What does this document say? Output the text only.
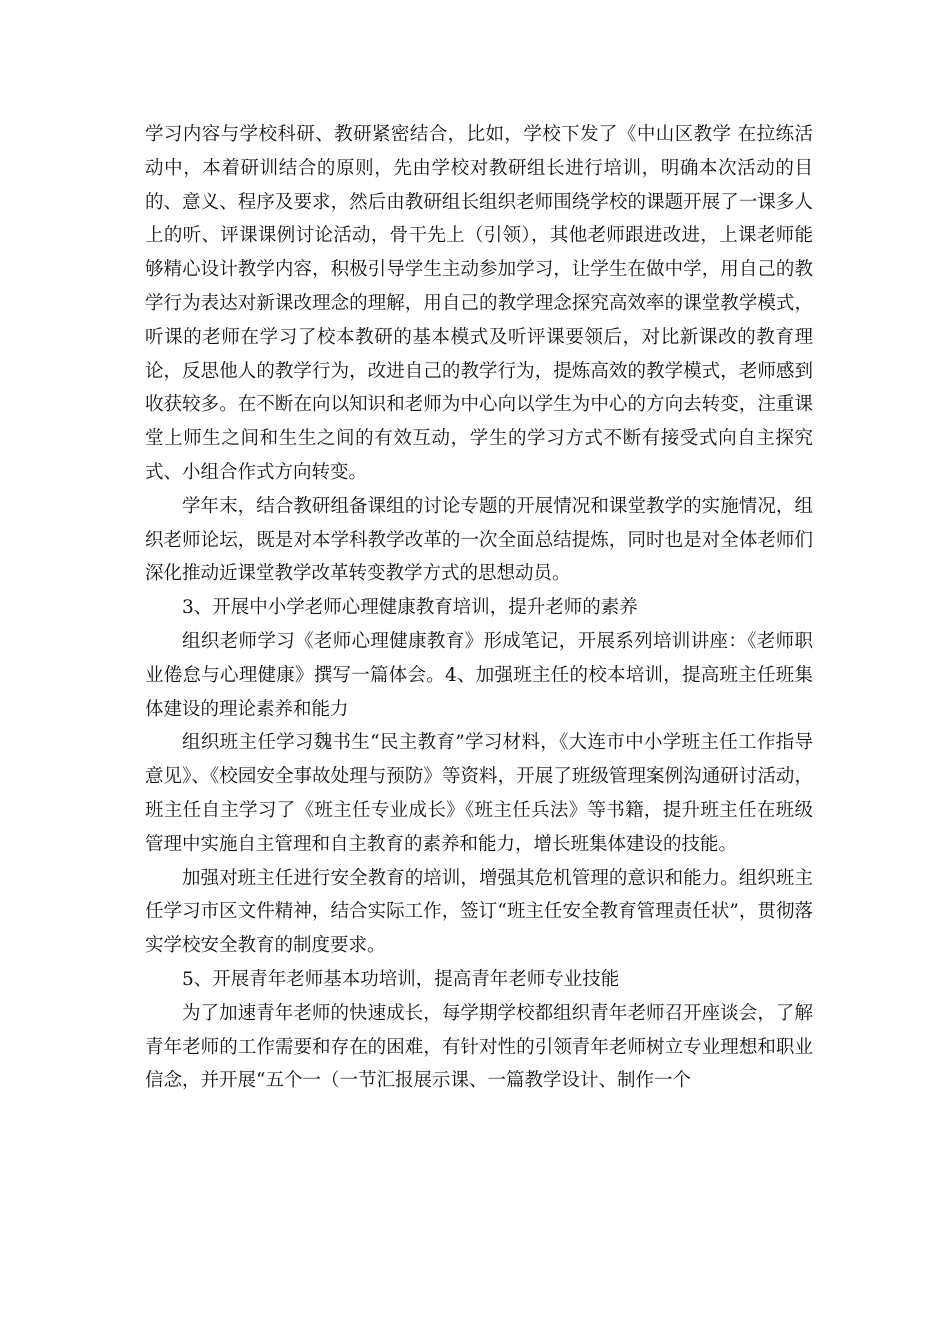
学习内容与学校科研、教研紧密结合，比如，学校下发了《中山区教学 在拉练活动中，本着研训结合的原则，先由学校对教研组长进行培训，明确本次活动的目的、意义、程序及要求，然后由教研组长组织老师围绕学校的课题开展了一课多人上的听、评课课例讨论活动，骨干先上（引领），其他老师跟进改进，上课老师能够精心设计教学内容，积极引导学生主动参加学习，让学生在做中学，用自己的教学行为表达对新课改理念的理解，用自己的教学理念探究高效率的课堂教学模式，听课的老师在学习了校本教研的基本模式及听评课要领后，对比新课改的教育理论，反思他人的教学行为，改进自己的教学行为，提炼高效的教学模式，老师感到收获较多。在不断在向以知识和老师为中心向以学生为中心的方向去转变，注重课堂上师生之间和生生之间的有效互动，学生的学习方式不断有接受式向自主探究式、小组合作式方向转变。

学年末，结合教研组备课组的讨论专题的开展情况和课堂教学的实施情况，组织老师论坛，既是对本学科教学改革的一次全面总结提炼，同时也是对全体老师们深化推动近课堂教学改革转变教学方式的思想动员。

3、开展中小学老师心理健康教育培训，提升老师的素养

组织老师学习《老师心理健康教育》形成笔记，开展系列培训讲座：《老师职业倦怠与心理健康》撰写一篇体会。4、加强班主任的校本培训，提高班主任班集体建设的理论素养和能力

组织班主任学习魏书生“民主教育”学习材料，《大连市中小学班主任工作指导意见》、《校园安全事故处理与预防》等资料，开展了班级管理案例沟通研讨活动，班主任自主学习了《班主任专业成长》《班主任兵法》等书籍，提升班主任在班级管理中实施自主管理和自主教育的素养和能力，增长班集体建设的技能。

加强对班主任进行安全教育的培训，增强其危机管理的意识和能力。组织班主任学习市区文件精神，结合实际工作，签订“班主任安全教育管理责任状”，贯彻落实学校安全教育的制度要求。

5、开展青年老师基本功培训，提高青年老师专业技能

为了加速青年老师的快速成长，每学期学校都组织青年老师召开座谈会，了解青年老师的工作需要和存在的困难，有针对性的引领青年老师树立专业理想和职业信念，并开展“五个一（一节汇报展示课、一篇教学设计、制作一个
